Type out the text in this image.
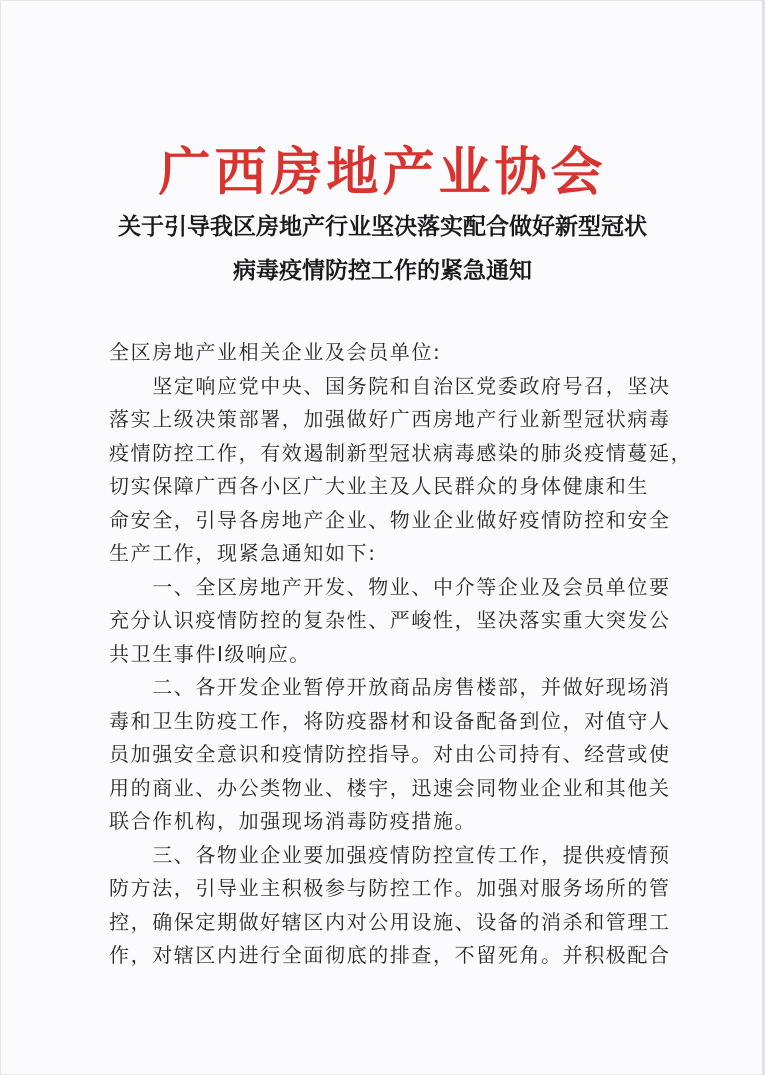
广西房地产业协会
关于引导我区房地产行业坚决落实配合做好新型冠状
病毒疫情防控工作的紧急通知
全区房地产业相关企业及会员单位:
　　坚定响应党中央、国务院和自治区党委政府号召，坚决
落实上级决策部署，加强做好广西房地产行业新型冠状病毒
疫情防控工作，有效遏制新型冠状病毒感染的肺炎疫情蔓延，
切实保障广西各小区广大业主及人民群众的身体健康和生
命安全，引导各房地产企业、物业企业做好疫情防控和安全
生产工作，现紧急通知如下:
　　一、全区房地产开发、物业、中介等企业及会员单位要
充分认识疫情防控的复杂性、严峻性，坚决落实重大突发公
共卫生事件Ⅰ级响应。
　　二、各开发企业暂停开放商品房售楼部，并做好现场消
毒和卫生防疫工作，将防疫器材和设备配备到位，对值守人
员加强安全意识和疫情防控指导。对由公司持有、经营或使
用的商业、办公类物业、楼宇，迅速会同物业企业和其他关
联合作机构，加强现场消毒防疫措施。
　　三、各物业企业要加强疫情防控宣传工作，提供疫情预
防方法，引导业主积极参与防控工作。加强对服务场所的管
控，确保定期做好辖区内对公用设施、设备的消杀和管理工
作，对辖区内进行全面彻底的排查，不留死角。并积极配合
